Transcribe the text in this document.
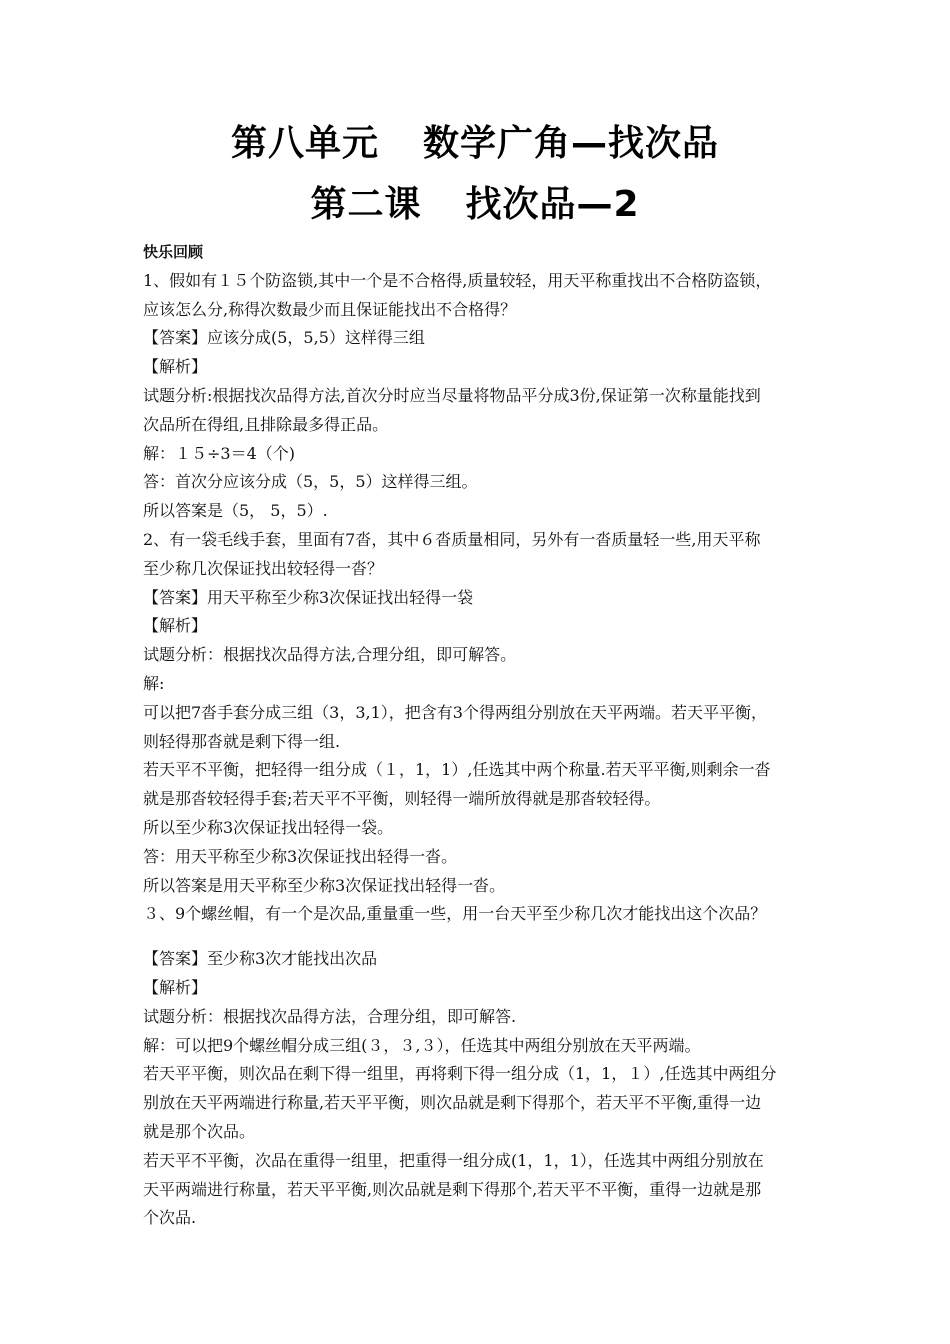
第八单元 数学广角—找次品
第二课 找次品—2
快乐回顾
1、假如有１５个防盗锁,其中一个是不合格得,质量较轻，用天平称重找出不合格防盗锁，
应该怎么分,称得次数最少而且保证能找出不合格得？
【答案】应该分成(5，5,5）这样得三组
【解析】
试题分析:根据找次品得方法,首次分时应当尽量将物品平分成3份,保证第一次称量能找到
次品所在得组,且排除最多得正品。
解：１５÷3＝4（个)
答：首次分应该分成（5，5，5）这样得三组。
所以答案是（5， 5，5）.
2、有一袋毛线手套，里面有7沓，其中６沓质量相同，另外有一沓质量轻一些,用天平称
至少称几次保证找出较轻得一沓？
【答案】用天平称至少称3次保证找出轻得一袋
【解析】
试题分析：根据找次品得方法,合理分组，即可解答。
解:
可以把7沓手套分成三组（3，3,1），把含有3个得两组分别放在天平两端。若天平平衡，
则轻得那沓就是剩下得一组.
若天平不平衡，把轻得一组分成（１，1，1）,任选其中两个称量.若天平平衡,则剩余一沓
就是那沓较轻得手套;若天平不平衡，则轻得一端所放得就是那沓较轻得。
所以至少称3次保证找出轻得一袋。
答：用天平称至少称3次保证找出轻得一沓。
所以答案是用天平称至少称3次保证找出轻得一沓。
３、9个螺丝帽，有一个是次品,重量重一些，用一台天平至少称几次才能找出这个次品？
【答案】至少称3次才能找出次品
【解析】
试题分析：根据找次品得方法，合理分组，即可解答.
解：可以把9个螺丝帽分成三组(３，３,３），任选其中两组分别放在天平两端。
若天平平衡，则次品在剩下得一组里，再将剩下得一组分成（1，1，１）,任选其中两组分
别放在天平两端进行称量,若天平平衡，则次品就是剩下得那个，若天平不平衡,重得一边
就是那个次品。
若天平不平衡，次品在重得一组里，把重得一组分成(1，1，1），任选其中两组分别放在
天平两端进行称量，若天平平衡,则次品就是剩下得那个,若天平不平衡，重得一边就是那
个次品.
